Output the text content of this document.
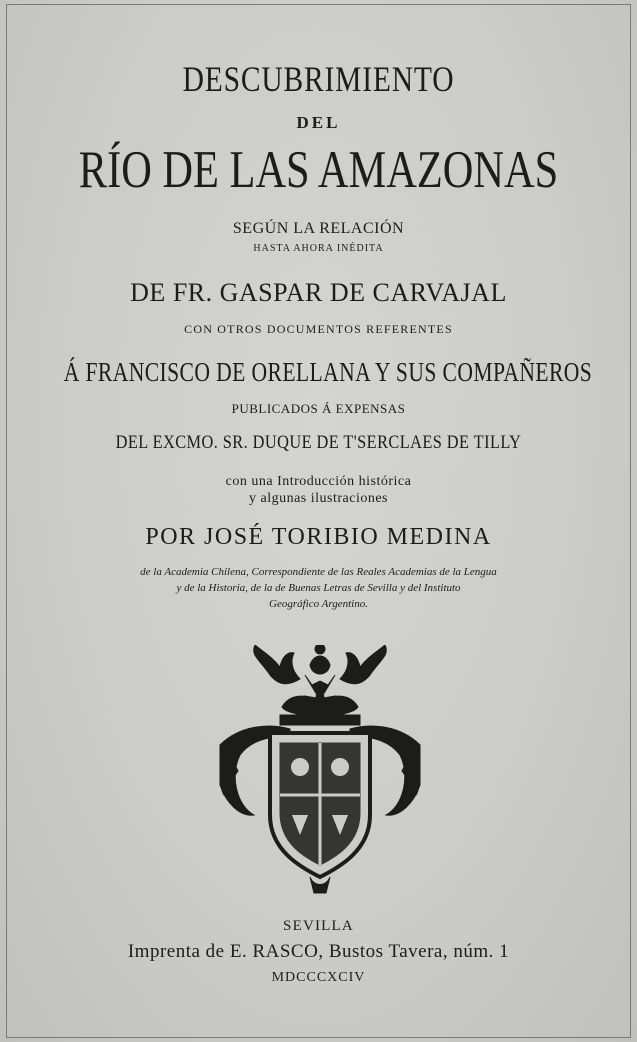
DESCUBRIMIENTO
DEL
RÍO DE LAS AMAZONAS
SEGÚN LA RELACIÓN
HASTA AHORA INÉDITA
DE FR. GASPAR DE CARVAJAL
CON OTROS DOCUMENTOS REFERENTES
Á FRANCISCO DE ORELLANA Y SUS COMPAÑEROS
PUBLICADOS Á EXPENSAS
DEL EXCMO. SR. DUQUE DE T'SERCLAES DE TILLY
con una Introducción histórica
y algunas ilustraciones
POR JOSÉ TORIBIO MEDINA
de la Academia Chilena, Correspondiente de las Reales Academias de la Lengua
y de la Historia, de la de Buenas Letras de Sevilla y del Instituto
Geográfico Argentino.
SEVILLA
Imprenta de E. RASCO, Bustos Tavera, núm. 1
MDCCCXCIV
